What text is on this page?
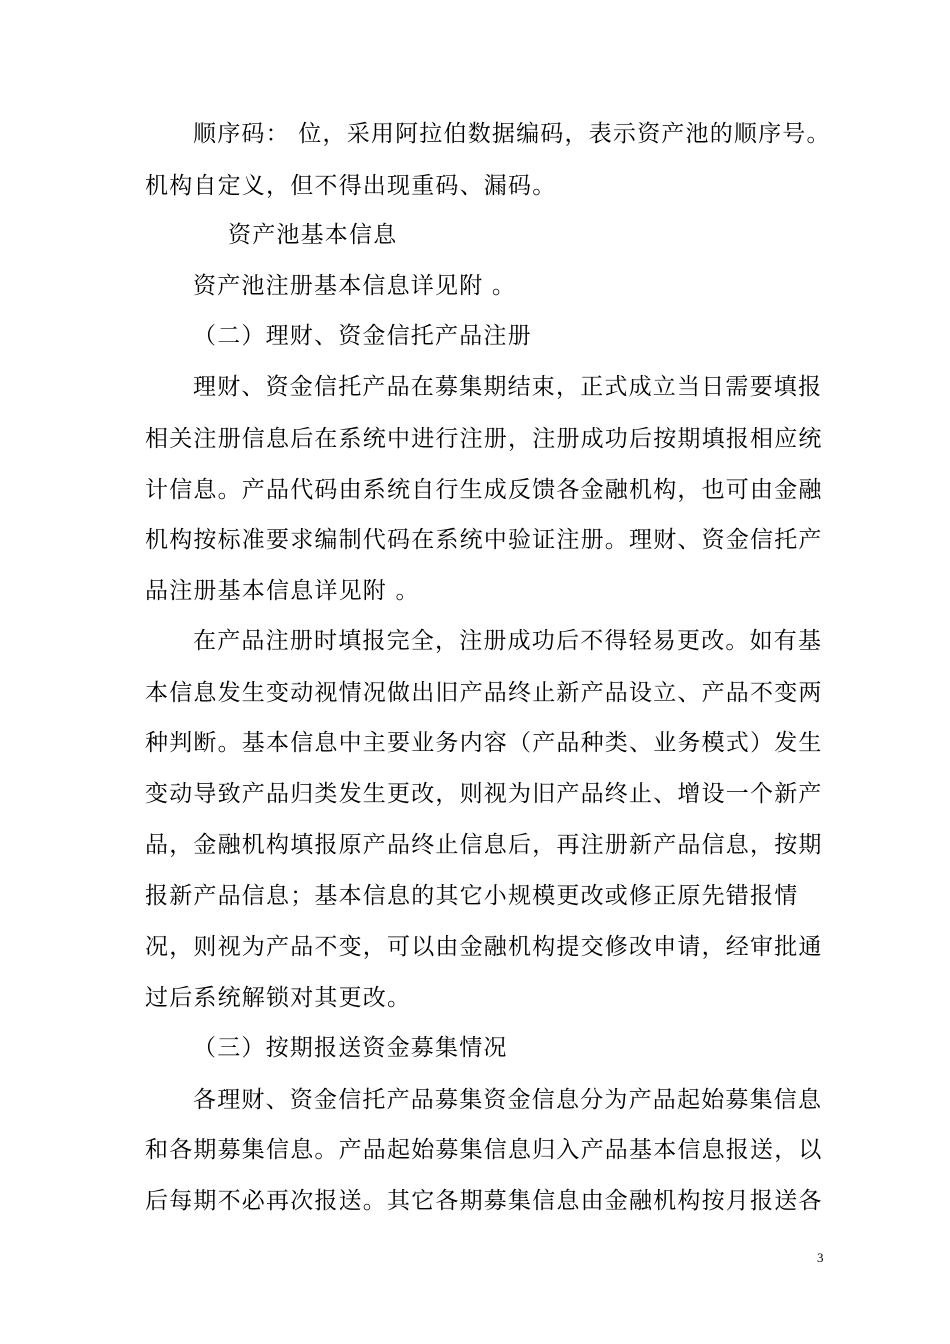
顺序码： 位，采用阿拉伯数据编码，表示资产池的顺序号。
机构自定义，但不得出现重码、漏码。
资产池基本信息
资产池注册基本信息详见附 。
（二）理财、资金信托产品注册
理财、资金信托产品在募集期结束，正式成立当日需要填报
相关注册信息后在系统中进行注册，注册成功后按期填报相应统
计信息。产品代码由系统自行生成反馈各金融机构，也可由金融
机构按标准要求编制代码在系统中验证注册。理财、资金信托产
品注册基本信息详见附 。
在产品注册时填报完全，注册成功后不得轻易更改。如有基
本信息发生变动视情况做出旧产品终止新产品设立、产品不变两
种判断。基本信息中主要业务内容（产品种类、业务模式）发生
变动导致产品归类发生更改，则视为旧产品终止、增设一个新产
品，金融机构填报原产品终止信息后，再注册新产品信息，按期
报新产品信息；基本信息的其它小规模更改或修正原先错报情
况，则视为产品不变，可以由金融机构提交修改申请，经审批通
过后系统解锁对其更改。
（三）按期报送资金募集情况
各理财、资金信托产品募集资金信息分为产品起始募集信息
和各期募集信息。产品起始募集信息归入产品基本信息报送，以
后每期不必再次报送。其它各期募集信息由金融机构按月报送各
3
